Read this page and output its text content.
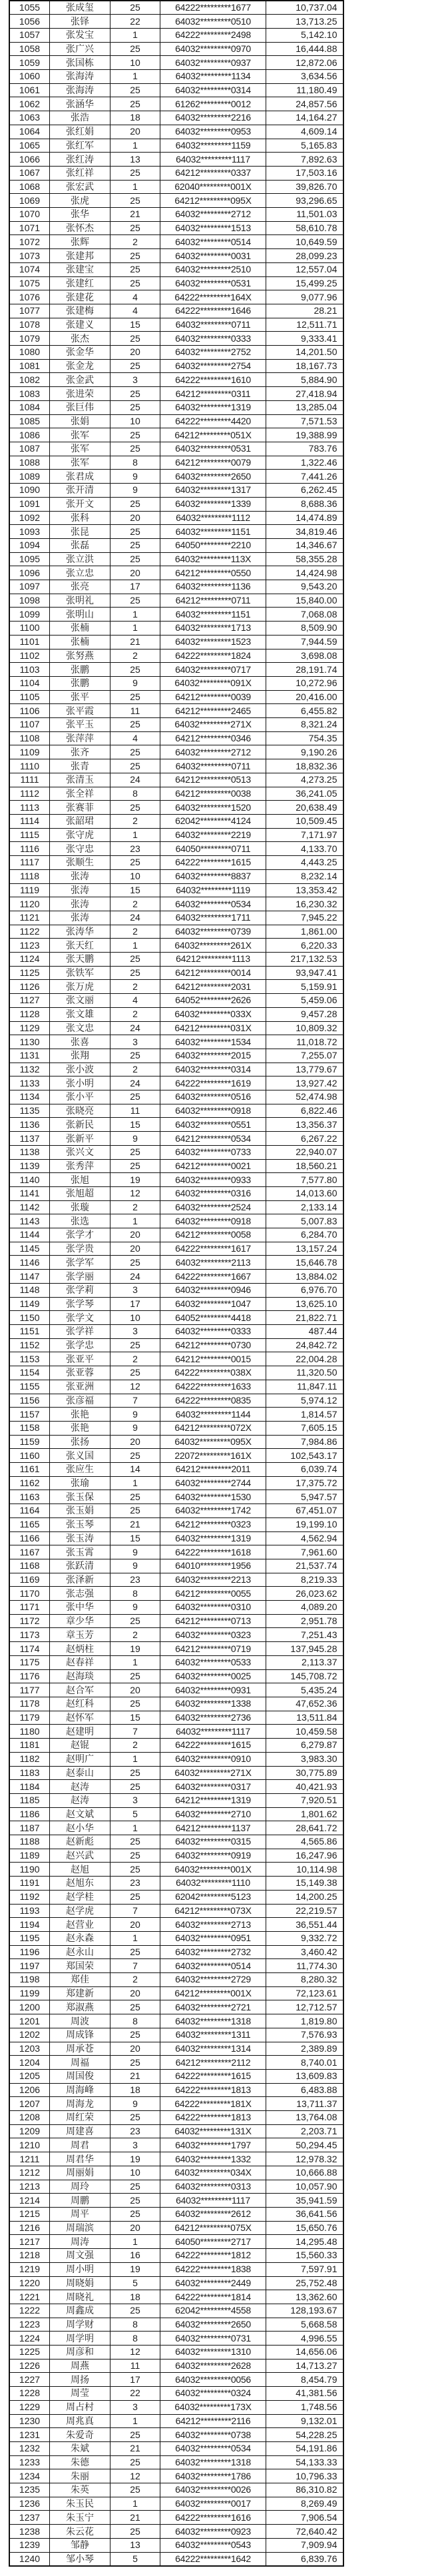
1055	张成玺	25	64222*********1677	10,737.04
1056	张铎	22	64032*********0510	13,713.25
1057	张发宝	1	64222*********2498	5,142.10
1058	张广兴	25	64032*********0970	16,444.88
1059	张国栋	10	64032*********0937	12,872.06
1060	张海涛	1	64032*********1134	3,634.56
1061	张海涛	25	64032*********0314	11,180.49
1062	张涵华	25	61262*********0012	24,857.56
1063	张浩	18	64032*********2216	14,164.27
1064	张红娟	20	64032*********0953	4,609.14
1065	张红军	1	64032*********1159	5,165.83
1066	张红涛	13	64032*********1117	7,892.63
1067	张红祥	25	64212*********0337	17,503.16
1068	张宏武	1	62040*********001X	39,826.70
1069	张虎	25	64212*********095X	93,296.65
1070	张华	21	64032*********2712	11,501.03
1071	张怀杰	25	64032*********1513	58,610.78
1072	张辉	2	64032*********0514	10,649.59
1073	张建邦	25	64032*********0031	28,099.23
1074	张建宝	25	64032*********2510	12,557.04
1075	张建红	25	64032*********0531	15,499.25
1076	张建花	4	64222*********164X	9,077.96
1077	张建梅	4	64222*********1646	28.21
1078	张建义	15	64032*********0711	12,511.71
1079	张杰	25	64032*********0333	9,333.41
1080	张金华	20	64032*********2752	14,201.50
1081	张金龙	25	64032*********2754	18,167.73
1082	张金武	3	64222*********1610	5,884.90
1083	张进荣	25	64212*********0311	27,418.94
1084	张巨伟	25	64032*********1319	13,285.04
1085	张娟	10	64222*********4420	7,571.53
1086	张军	25	64212*********051X	19,388.99
1087	张军	25	64032*********0531	783.76
1088	张军	8	64212*********0079	1,322.46
1089	张君成	9	64032*********2650	7,441.26
1090	张开清	9	64032*********1317	6,262.45
1091	张开文	25	64032*********1339	8,688.36
1092	张科	20	64032*********1112	14,474.89
1093	张昆	25	64032*********1151	34,819.46
1094	张磊	25	64050*********2210	14,346.67
1095	张立洪	25	64032*********113X	58,355.28
1096	张立忠	20	64212*********0550	14,424.98
1097	张亮	17	64032*********1136	9,543.20
1098	张明礼	25	64212*********0711	15,840.00
1099	张明山	1	64032*********1151	7,068.08
1100	张楠	1	64032*********1713	8,509.90
1101	张楠	21	64032*********1523	7,944.59
1102	张努燕	2	64222*********1824	3,698.08
1103	张鹏	25	64032*********0717	28,191.74
1104	张鹏	9	64032*********091X	10,272.96
1105	张平	25	64212*********0039	20,416.00
1106	张平霞	11	64212*********2465	6,455.82
1107	张平玉	25	64032*********271X	8,321.24
1108	张萍萍	4	64212*********0346	754.35
1109	张齐	25	64032*********2712	9,190.26
1110	张青	25	64032*********0711	18,832.36
1111	张清玉	24	64212*********0513	4,273.25
1112	张全祥	8	64212*********0038	36,241.05
1113	张赛菲	25	64032*********1520	20,638.49
1114	张韶珺	2	62042*********4124	10,509.45
1115	张守虎	1	64032*********2219	7,171.97
1116	张守忠	23	64050*********0711	4,133.70
1117	张顺生	25	64222*********1615	4,443.25
1118	张涛	10	64032*********8837	8,232.14
1119	张涛	15	64032*********1119	13,353.42
1120	张涛	2	64032*********0534	16,230.32
1121	张涛	24	64032*********1711	7,945.22
1122	张涛华	2	64032*********0739	1,861.00
1123	张天红	1	64032*********261X	6,220.33
1124	张天鹏	25	64212*********1113	217,132.53
1125	张铁军	25	64212*********0014	93,947.41
1126	张万虎	2	64212*********2031	5,159.91
1127	张文丽	4	64052*********2626	5,459.06
1128	张文雄	2	64032*********033X	9,457.28
1129	张文忠	24	64212*********031X	10,809.32
1130	张喜	3	64032*********1534	11,018.72
1131	张翔	25	64032*********2015	7,255.07
1132	张小波	2	64032*********0314	13,779.67
1133	张小明	24	64222*********1619	13,927.42
1134	张小平	25	64032*********0516	52,474.98
1135	张晓亮	11	64032*********0918	6,822.46
1136	张新民	15	64032*********0551	13,356.37
1137	张新平	9	64212*********0534	6,267.22
1138	张兴文	25	64032*********0733	22,940.07
1139	张秀萍	25	64212*********0021	18,560.21
1140	张旭	19	64032*********0933	7,577.80
1141	张旭超	12	64032*********0316	14,013.60
1142	张璇	2	64032*********2524	2,133.14
1143	张选	1	64032*********0918	5,007.83
1144	张学才	20	64212*********0058	6,284.70
1145	张学贵	20	64222*********1617	13,157.24
1146	张学军	25	64032*********2113	15,646.78
1147	张学丽	24	64222*********1667	13,884.02
1148	张学莉	3	64032*********0946	6,976.70
1149	张学琴	17	64032*********1047	13,625.10
1150	张学文	10	64052*********4418	21,822.71
1151	张学祥	3	64032*********0333	487.44
1152	张学忠	25	64212*********0730	24,842.72
1153	张亚平	2	64212*********0015	22,004.28
1154	张亚蓉	25	64222*********038X	11,320.50
1155	张亚洲	12	64222*********1633	11,847.11
1156	张彦福	7	64222*********0835	5,974.12
1157	张艳	9	64032*********1144	1,814.57
1158	张艳	9	64212*********072X	7,605.15
1159	张扬	20	64032*********095X	7,984.86
1160	张义国	25	22072*********161X	102,543.17
1161	张应生	14	64212*********2011	6,039.74
1162	张瑜	1	64032*********2744	17,375.72
1163	张玉保	25	64032*********1530	5,947.57
1164	张玉娟	25	64032*********1742	67,451.07
1165	张玉琴	21	64212*********0323	19,199.10
1166	张玉涛	15	64032*********1319	4,562.94
1167	张玉霄	9	64222*********1618	7,961.60
1168	张跃清	9	64010*********1956	21,537.74
1169	张泽新	23	64032*********2213	8,219.33
1170	张志强	8	64212*********0055	26,023.62
1171	张中华	9	64032*********0310	4,089.20
1172	章少华	25	64212*********0713	2,951.78
1173	章玉芳	2	64032*********0323	7,251.43
1174	赵炳柱	19	64212*********0719	137,945.28
1175	赵春祥	1	64032*********0533	2,113.37
1176	赵海琰	25	64032*********0025	145,708.72
1177	赵合军	20	64032*********0931	5,435.24
1178	赵红科	25	64032*********1338	47,652.36
1179	赵怀军	15	64032*********2736	13,511.84
1180	赵建明	7	64032*********1117	10,459.58
1181	赵锟	2	64222*********1615	6,279.87
1182	赵明广	1	64032*********0910	3,983.30
1183	赵泰山	25	64032*********271X	30,775.89
1184	赵涛	25	64032*********0317	40,421.93
1185	赵涛	3	64212*********1319	7,920.51
1186	赵文斌	5	64032*********2710	1,801.62
1187	赵小华	1	64212*********1137	28,641.72
1188	赵新彪	25	64032*********0315	4,565.86
1189	赵兴武	25	64032*********0919	16,247.96
1190	赵旭	25	64032*********001X	10,114.98
1191	赵旭东	23	64032*********1110	15,149.38
1192	赵学桂	25	62042*********5123	14,200.25
1193	赵学虎	7	64212*********073X	22,219.57
1194	赵营业	20	64032*********2713	36,551.44
1195	赵永森	1	64032*********0951	9,332.72
1196	赵永山	25	64032*********2732	3,460.42
1197	郑国荣	7	64032*********0514	11,774.30
1198	郑佳	2	64032*********2729	8,280.32
1199	郑建新	20	64212*********001X	72,123.61
1200	郑淑燕	25	64032*********2721	12,712.57
1201	周波	8	64032*********1318	1,819.80
1202	周成锋	25	64032*********1311	7,576.93
1203	周承苍	20	64032*********1314	2,389.89
1204	周福	25	64212*********2112	8,740.01
1205	周国俊	21	64222*********1615	13,609.83
1206	周海峰	18	64222*********1813	6,483.88
1207	周海龙	9	64222*********181X	13,711.37
1208	周红荣	25	64222*********1813	13,764.08
1209	周建喜	23	64032*********131X	2,203.71
1210	周君	3	64032*********1797	50,294.45
1211	周君华	19	64032*********1332	12,978.32
1212	周丽娟	10	64032*********034X	10,666.88
1213	周玲	25	64032*********0313	10,057.90
1214	周鹏	25	64032*********1117	35,941.59
1215	周平	25	64032*********2612	36,641.56
1216	周瑞滨	20	64212*********075X	15,650.76
1217	周涛	1	64050*********2717	14,295.48
1218	周文强	16	64222*********1812	15,560.33
1219	周小明	19	64222*********1838	7,597.91
1220	周晓娟	5	64032*********2449	25,752.48
1221	周晓礼	18	64222*********1814	13,362.60
1222	周鑫成	25	62042*********4558	128,193.67
1223	周学财	8	64032*********2650	5,668.58
1224	周学明	8	64032*********0731	4,996.55
1225	周彦和	12	64032*********1310	14,656.06
1226	周燕	11	64032*********2628	14,713.27
1227	周扬	17	64032*********0056	8,454.79
1228	周莹	22	64032*********0324	41,381.56
1229	周占村	3	64032*********173X	1,748.56
1230	周兆真	1	64212*********2116	9,132.01
1231	朱爱奇	25	64032*********0738	54,228.25
1232	朱斌	21	64032*********0534	54,191.86
1233	朱德	25	64032*********1318	54,133.33
1234	朱丽	12	64032*********1786	10,796.33
1235	朱英	25	64032*********0026	86,310.82
1236	朱玉民	1	64032*********0017	8,269.49
1237	朱玉宁	21	64222*********1616	7,906.54
1238	朱云花	25	64032*********0923	72,640.42
1239	邹静	13	64032*********0543	7,909.94
1240	邹小琴	5	64222*********1642	6,839.76
